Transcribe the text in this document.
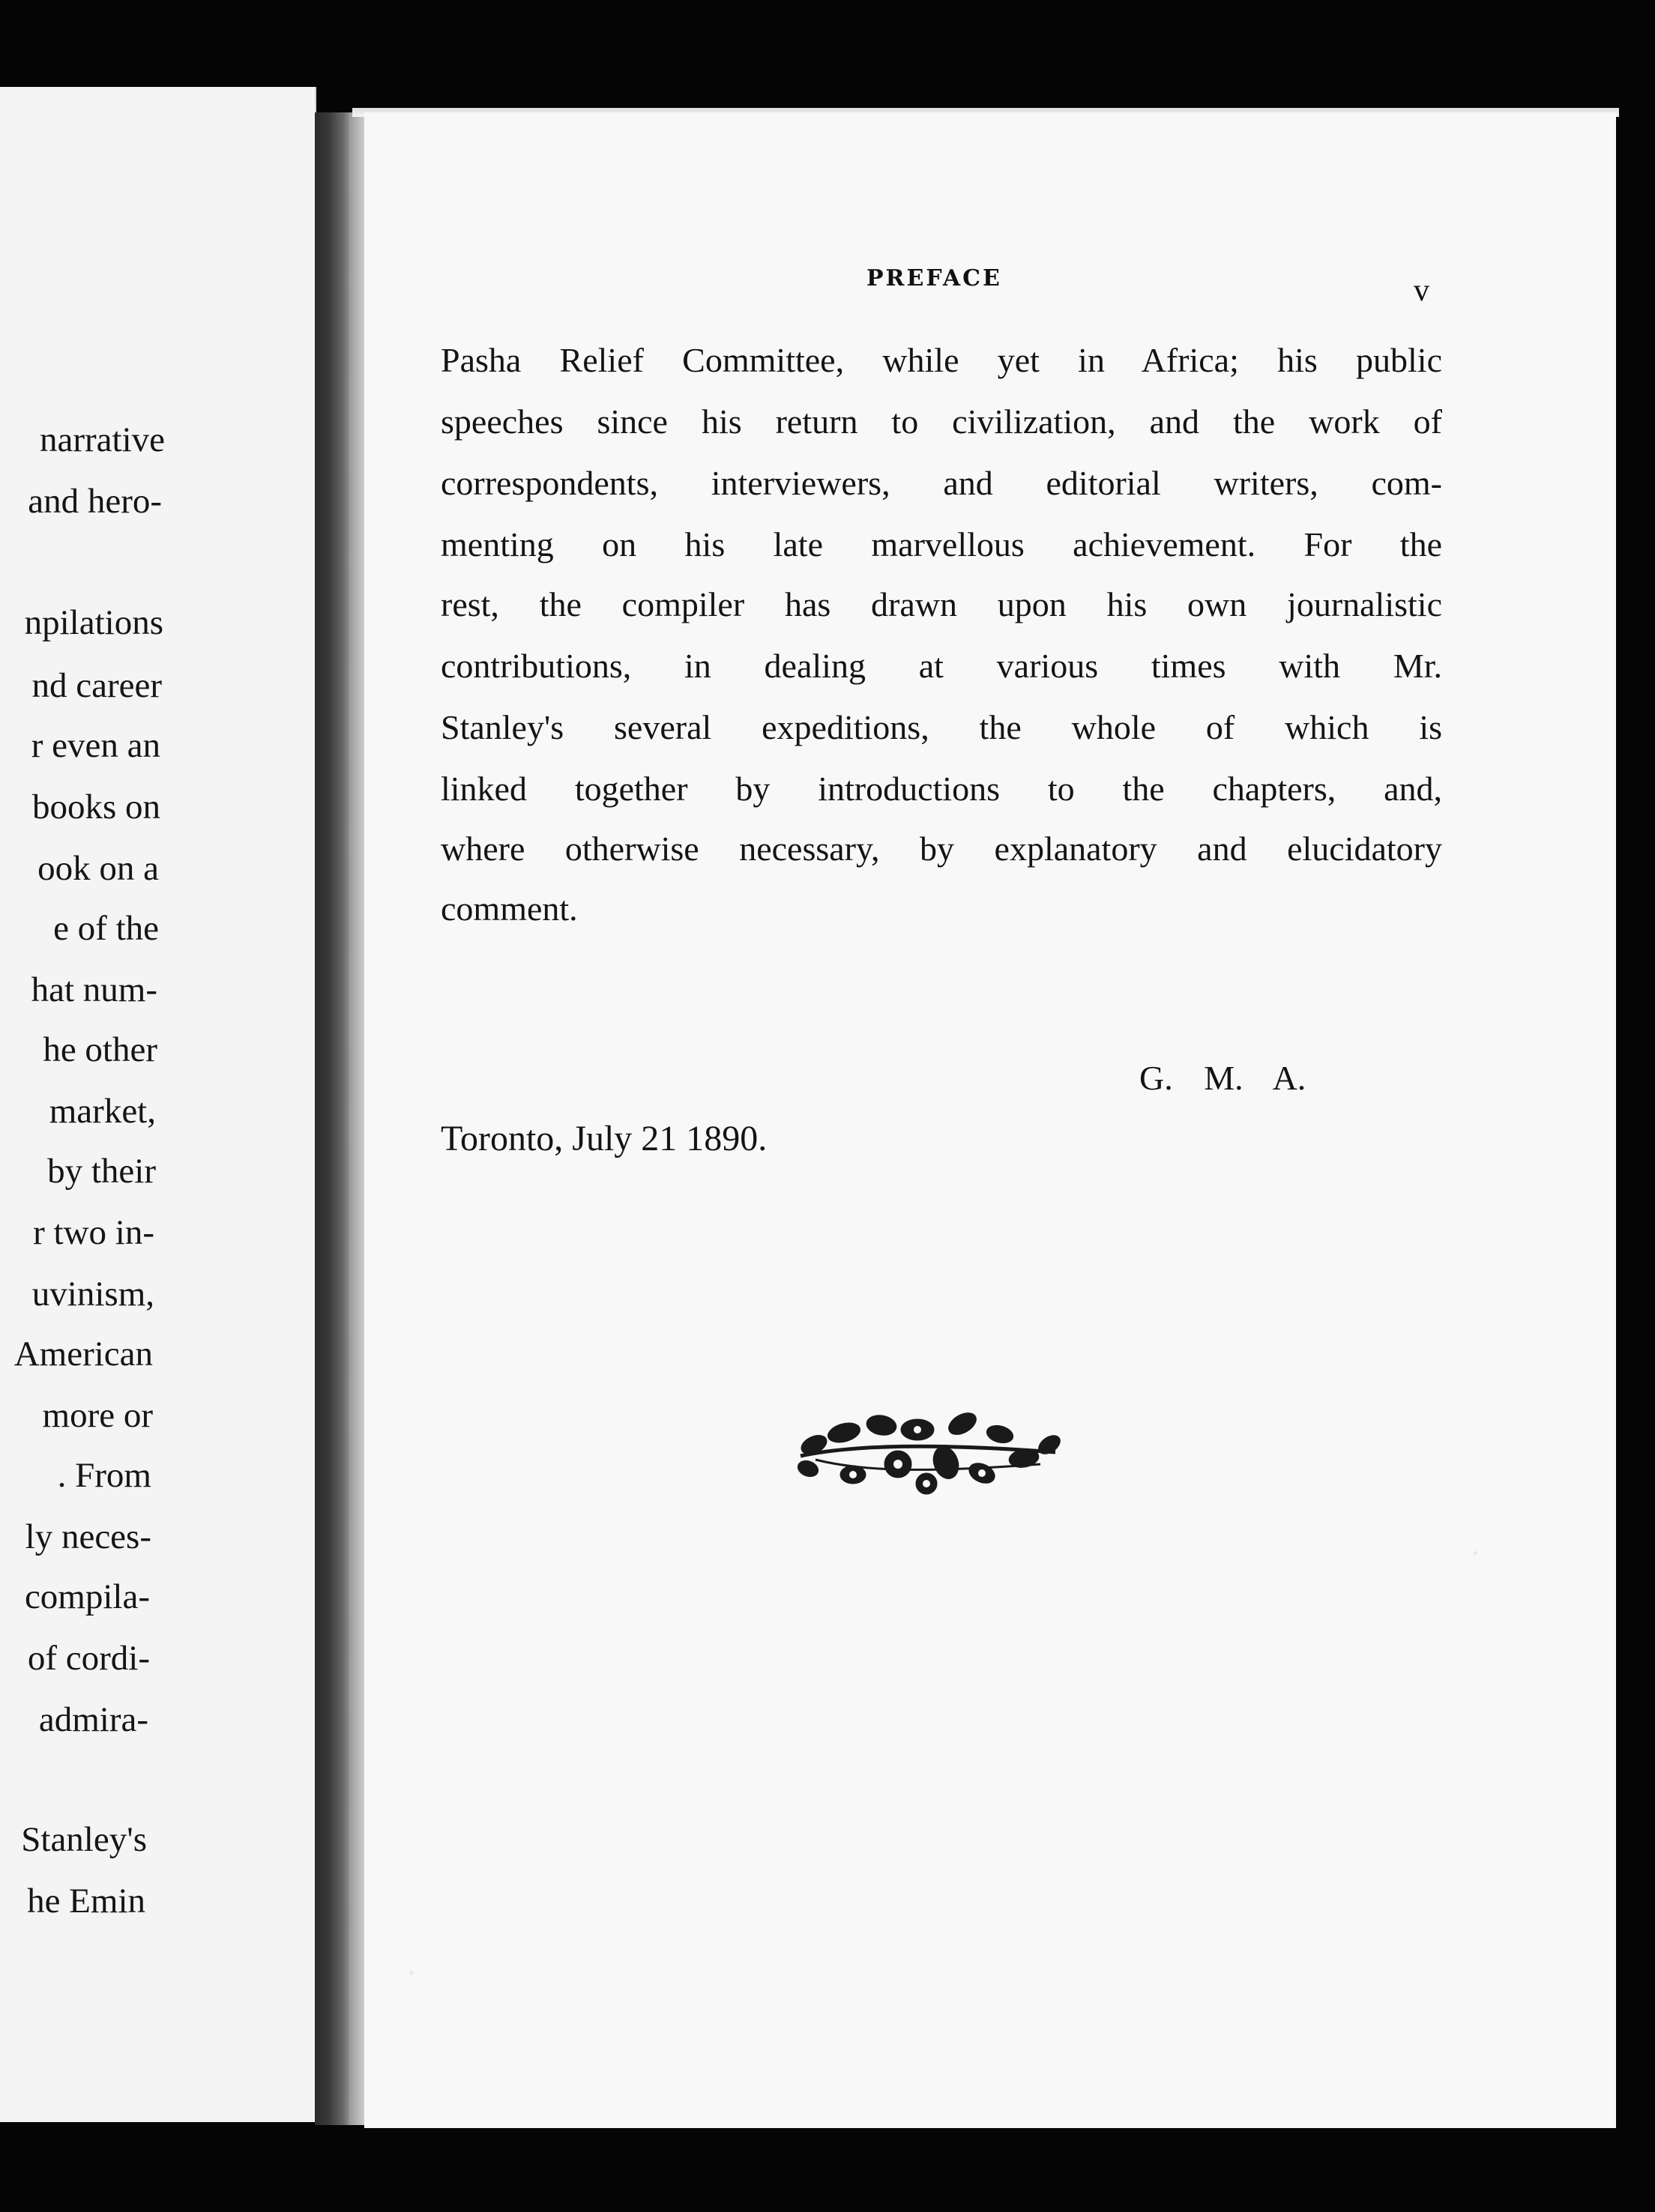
narrative
and hero-
npilations
nd career
r even an
books on
ook on a
e of the
hat num-
he other
market,
by their
r two in-
uvinism,
American
more or
. From
ly neces-
compila-
of cordi-
admira-
Stanley's
he Emin
PREFACE	v
Pasha Relief Committee, while yet in Africa; his public
speeches since his return to civilization, and the work of
correspondents, interviewers, and editorial writers, com-
menting on his late marvellous achievement. For the
rest, the compiler has drawn upon his own journalistic
contributions, in dealing at various times with Mr.
Stanley's several expeditions, the whole of which is
linked together by introductions to the chapters, and,
where otherwise necessary, by explanatory and elucidatory
comment.
G. M. A.
Toronto, July 21 1890.
